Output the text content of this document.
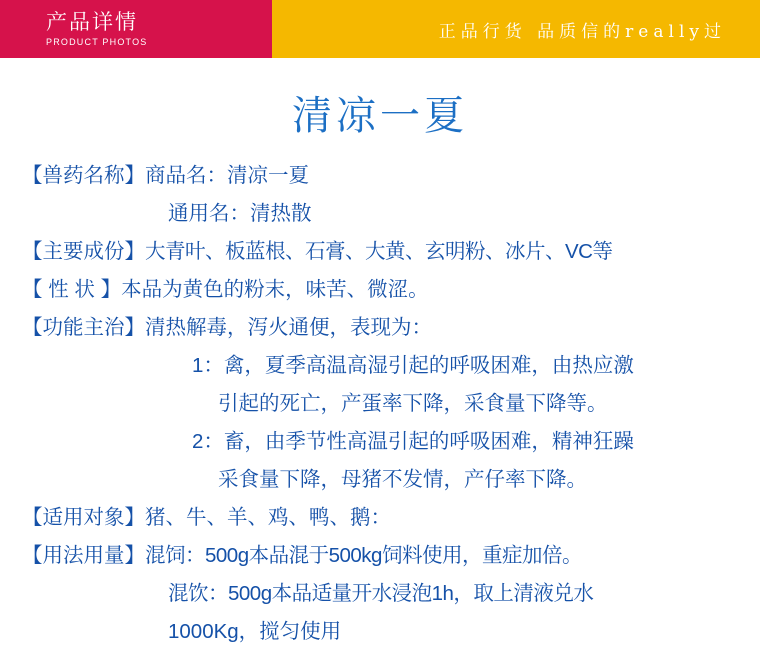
产品详情
PRODUCT PHOTOS
正品行货 品质信的really过
清凉一夏
【兽药名称】 商品名：清凉一夏
通用名：清热散
【主要成份】 大青叶、板蓝根、石膏、大黄、玄明粉、冰片、VC等
【 性 状 】 本品为黄色的粉末，味苦、微涩。
【功能主治】 清热解毒，泻火通便，表现为：
1： 禽，夏季高温高湿引起的呼吸困难，由热应激
引起的死亡，产蛋率下降，采食量下降等。
2： 畜，由季节性高温引起的呼吸困难，精神狂躁
采食量下降，母猪不发情，产仔率下降。
【适用对象】 猪、牛、羊、鸡、鸭、鹅：
【用法用量】 混饲：500g本品混于500kg饲料使用，重症加倍。
混饮：500g本品适量开水浸泡1h，取上清液兑水
1000Kg，搅匀使用
